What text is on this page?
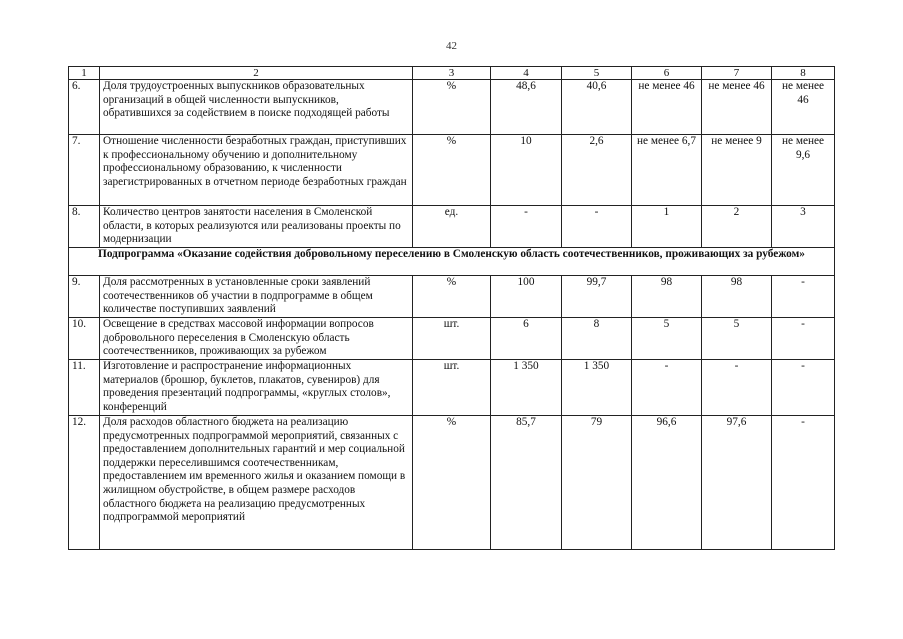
42
1	2	3	4	5	6	7	8
6.	Доля трудоустроенных выпускников образовательных организаций в общей численности выпускников, обратившихся за содействием в поиске подходящей работы	%	48,6	40,6	не менее 46	не менее 46	не менее 46
7.	Отношение численности безработных граждан, приступивших к профессиональному обучению и дополнительному профессиональному образованию, к численности зарегистрированных в отчетном периоде безработных граждан	%	10	2,6	не менее 6,7	не менее 9	не менее 9,6
8.	Количество центров занятости населения в Смоленской области, в которых реализуются или реализованы проекты по модернизации	ед.	-	-	1	2	3
Подпрограмма «Оказание содействия добровольному переселению в Смоленскую область соотечественников, проживающих за рубежом»							
9.	Доля рассмотренных в установленные сроки заявлений соотечественников об участии в подпрограмме в общем количестве поступивших заявлений	%	100	99,7	98	98	-
10.	Освещение в средствах массовой информации вопросов добровольного переселения в Смоленскую область соотечественников, проживающих за рубежом	шт.	6	8	5	5	-
11.	Изготовление и распространение информационных материалов (брошюр, буклетов, плакатов, сувениров) для проведения презентаций подпрограммы, «круглых столов», конференций	шт.	1 350	1 350	-	-	-
12.	Доля расходов областного бюджета на реализацию предусмотренных подпрограммой мероприятий, связанных с предоставлением дополнительных гарантий и мер социальной поддержки переселившимся соотечественникам, предоставлением им временного жилья и оказанием помощи в жилищном обустройстве, в общем размере расходов областного бюджета на реализацию предусмотренных подпрограммой мероприятий	%	85,7	79	96,6	97,6	-
